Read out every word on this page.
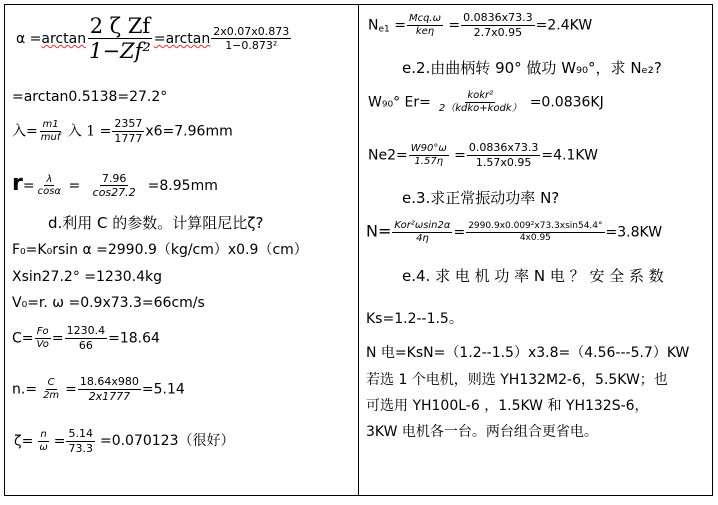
$\alpha =\arctan \frac{\text{2 ζ Zf}}{\text{1−Zf²}} =\arctan \frac{2x0.07x0.873}{\text{1−0.873²}}$
=arctan0.5138=27.2°
入= $\frac{m1}{\text{muf}}$ 入 $1 = \frac{2357}{1777} x6=7.96mm$
$r= \frac{\lambda}{\cos\alpha} = \frac{7.96}{\cos 27.2} =8.95mm$
d.利用 C 的参数。计算阻尼比ζ?
F₀=K₀rsin α =2990.9（kg/cm）x0.9（cm）
Xsin27.2° =1230.4kg
V₀=r. ω =0.9x73.3=66cm/s
$C= \frac{Fo}{Vo} = \frac{1230.4}{66} =18.64$
$n.= \frac{C}{2m} = \frac{18.64x980}{2x1777} =5.14$
$\zeta= \frac{n}{\omega} = \frac{5.14}{73.3} =0.070123$（很好）
$N_{e1} = \frac{\text{Mcq.ω}}{\text{keη}} = \frac{0.0836x73.3}{2.7x0.95} =2.4KW$
e.2.由曲柄转 90° 做功 W₉₀°，求 Nₑ₂?
W₉₀° $Er= \frac{\text{kokr²}}{\text{2（kdko+kodk）}} =0.0836KJ$
$Ne2= \frac{W90^\circ\omega}{1.57\eta} = \frac{0.0836x73.3}{1.57x0.95} =4.1KW$
e.3.求正常振动功率 N?
$N= \frac{\text{Kor²ωsin2α}}{4\eta} = \frac{\text{2990.9x0.009²x73.3xsin54.4°}}{4x0.95} =3.8KW$
e.4. 求 电 机 功 率 N 电 ？ 安 全 系 数
Ks=1.2--1.5。
N 电=KsN=（1.2--1.5）x3.8=（4.56---5.7）KW
若选 1 个电机，则选 YH132M2-6，5.5KW；也
可选用 YH100L-6 ，1.5KW 和 YH132S-6，
3KW 电机各一台。两台组合更省电。
